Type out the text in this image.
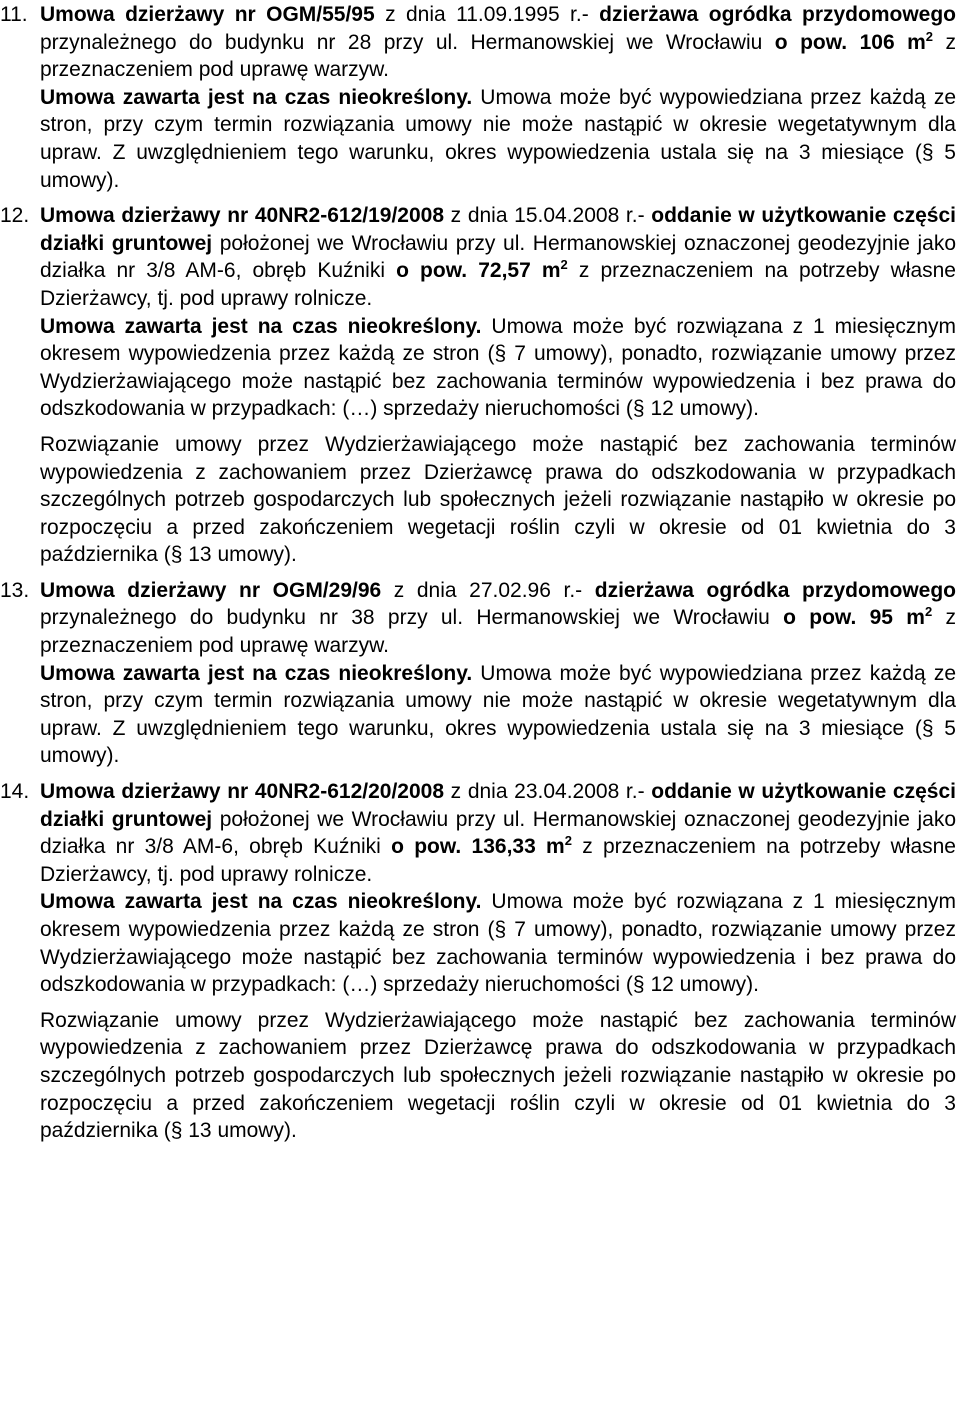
11. Umowa dzierżawy nr OGM/55/95 z dnia 11.09.1995 r.- dzierżawa ogródka przydomowego przynależnego do budynku nr 28 przy ul. Hermanowskiej we Wrocławiu o pow. 106 $m^2$ z przeznaczeniem pod uprawę warzyw.
Umowa zawarta jest na czas nieokreślony. Umowa może być wypowiedziana przez każdą ze stron, przy czym termin rozwiązania umowy nie może nastąpić w okresie wegetatywnym dla upraw. Z uwzględnieniem tego warunku, okres wypowiedzenia ustala się na 3 miesiące (§ 5 umowy).
12. Umowa dzierżawy nr 40NR2-612/19/2008 z dnia 15.04.2008 r.- oddanie w użytkowanie części działki gruntowej położonej we Wrocławiu przy ul. Hermanowskiej oznaczonej geodezyjnie jako działka nr 3/8 AM-6, obręb Kuźniki o pow. 72,57 $m^2$ z przeznaczeniem na potrzeby własne Dzierżawcy, tj. pod uprawy rolnicze.
Umowa zawarta jest na czas nieokreślony. Umowa może być rozwiązana z 1 miesięcznym okresem wypowiedzenia przez każdą ze stron (§ 7 umowy), ponadto, rozwiązanie umowy przez Wydzierżawiającego może nastąpić bez zachowania terminów wypowiedzenia i bez prawa do odszkodowania w przypadkach: (…) sprzedaży nieruchomości (§ 12 umowy).
Rozwiązanie umowy przez Wydzierżawiającego może nastąpić bez zachowania terminów wypowiedzenia z zachowaniem przez Dzierżawcę prawa do odszkodowania w przypadkach szczególnych potrzeb gospodarczych lub społecznych jeżeli rozwiązanie nastąpiło w okresie po rozpoczęciu a przed zakończeniem wegetacji roślin czyli w okresie od 01 kwietnia do 3 października (§ 13 umowy).
13. Umowa dzierżawy nr OGM/29/96 z dnia 27.02.96 r.- dzierżawa ogródka przydomowego przynależnego do budynku nr 38 przy ul. Hermanowskiej we Wrocławiu o pow. 95 $m^2$ z przeznaczeniem pod uprawę warzyw.
Umowa zawarta jest na czas nieokreślony. Umowa może być wypowiedziana przez każdą ze stron, przy czym termin rozwiązania umowy nie może nastąpić w okresie wegetatywnym dla upraw. Z uwzględnieniem tego warunku, okres wypowiedzenia ustala się na 3 miesiące (§ 5 umowy).
14. Umowa dzierżawy nr 40NR2-612/20/2008 z dnia 23.04.2008 r.- oddanie w użytkowanie części działki gruntowej położonej we Wrocławiu przy ul. Hermanowskiej oznaczonej geodezyjnie jako działka nr 3/8 AM-6, obręb Kuźniki o pow. 136,33 $m^2$ z przeznaczeniem na potrzeby własne Dzierżawcy, tj. pod uprawy rolnicze.
Umowa zawarta jest na czas nieokreślony. Umowa może być rozwiązana z 1 miesięcznym okresem wypowiedzenia przez każdą ze stron (§ 7 umowy), ponadto, rozwiązanie umowy przez Wydzierżawiającego może nastąpić bez zachowania terminów wypowiedzenia i bez prawa do odszkodowania w przypadkach: (…) sprzedaży nieruchomości (§ 12 umowy).
Rozwiązanie umowy przez Wydzierżawiającego może nastąpić bez zachowania terminów wypowiedzenia z zachowaniem przez Dzierżawcę prawa do odszkodowania w przypadkach szczególnych potrzeb gospodarczych lub społecznych jeżeli rozwiązanie nastąpiło w okresie po rozpoczęciu a przed zakończeniem wegetacji roślin czyli w okresie od 01 kwietnia do 3 października (§ 13 umowy).
